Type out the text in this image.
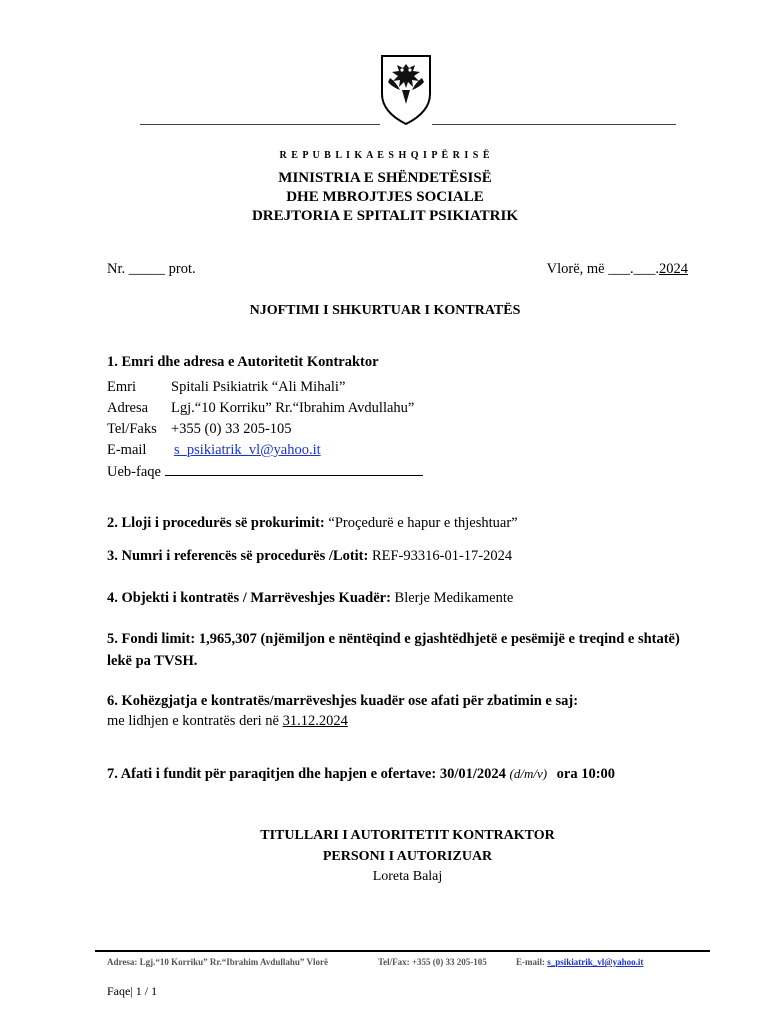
R E P U B L I K A E S H Q I P Ë R I S Ë
MINISTRIA E SHËNDETËSISË
DHE MBROJTJES SOCIALE
DREJTORIA E SPITALIT PSIKIATRIK
Nr. _____ prot.	Vlorë, më ___.___.2024
NJOFTIMI I SHKURTUAR I KONTRATËS
1. Emri dhe adresa e Autoritetit Kontraktor
Emri Spitali Psikiatrik “Ali Mihali”
Adresa Lgj.“10 Korriku” Rr.“Ibrahim Avdullahu”
Tel/Faks +355 (0) 33 205-105
E-mail s_psikiatrik_vl@yahoo.it
Ueb-faqe
2. Lloji i procedurës së prokurimit: “Proçedurë e hapur e thjeshtuar”
3. Numri i referencës së procedurës /Lotit: REF-93316-01-17-2024
4. Objekti i kontratës / Marrëveshjes Kuadër: Blerje Medikamente
5. Fondi limit: 1,965,307 (njëmiljon e nëntëqind e gjashtëdhjetë e pesëmijë e treqind e shtatë)
lekë pa TVSH.
6. Kohëzgjatja e kontratës/marrëveshjes kuadër ose afati për zbatimin e saj:
me lidhjen e kontratës deri në 31.12.2024
7. Afati i fundit për paraqitjen dhe hapjen e ofertave: 30/01/2024 (d/m/v) ora 10:00
TITULLARI I AUTORITETIT KONTRAKTOR
PERSONI I AUTORIZUAR
Loreta Balaj
Adresa: Lgj.“10 Korriku” Rr.“Ibrahim Avdullahu” Vlorë	Tel/Fax: +355 (0) 33 205-105	E-mail: s_psikiatrik_vl@yahoo.it
Faqe| 1 / 1
